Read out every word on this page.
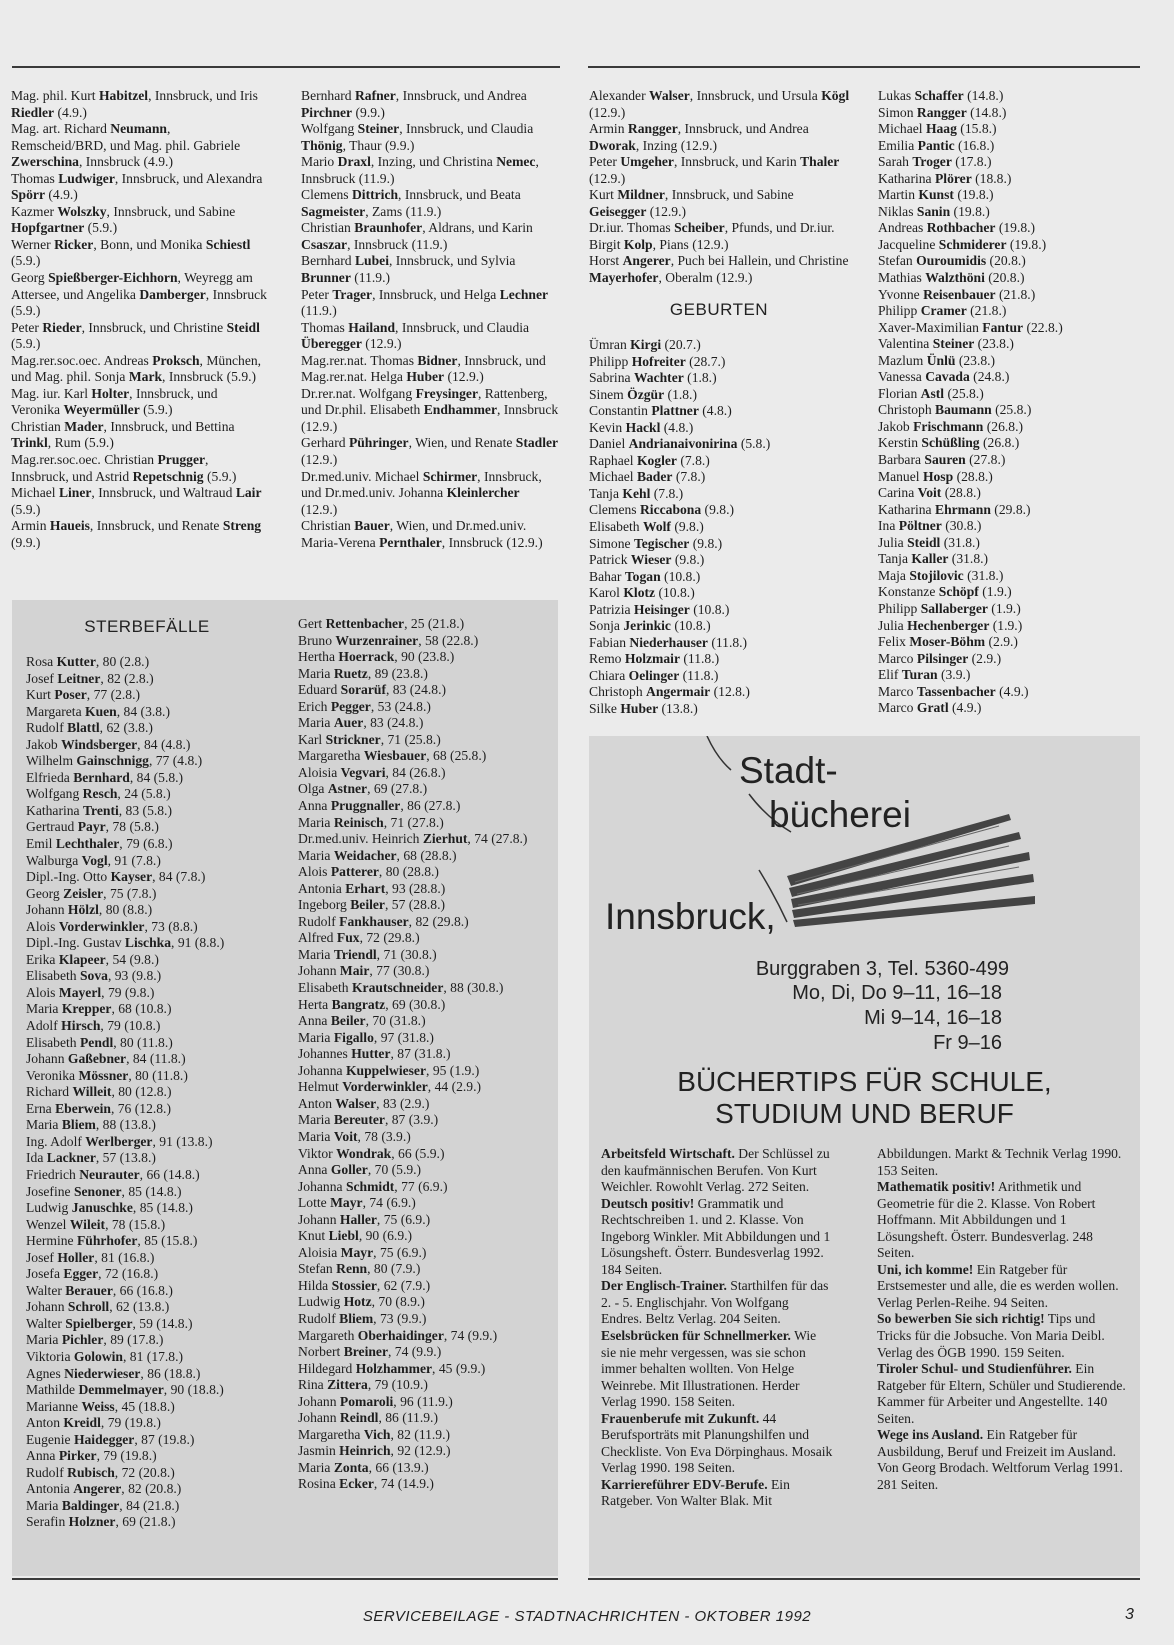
Mag. phil. Kurt Habitzel, Innsbruck, und Iris Riedler (4.9.)

Mag. art. Richard Neumann, Remscheid/BRD, und Mag. phil. Gabriele Zwerschina, Innsbruck (4.9.)

Thomas Ludwiger, Innsbruck, und Alexandra Spörr (4.9.)

Kazmer Wolszky, Innsbruck, und Sabine Hopfgartner (5.9.)

Werner Ricker, Bonn, und Monika Schiestl (5.9.)

Georg Spießberger-Eichhorn, Weyregg am Attersee, und Angelika Damberger, Innsbruck (5.9.)

Peter Rieder, Innsbruck, und Christine Steidl (5.9.)

Mag.rer.soc.oec. Andreas Proksch, München, und Mag. phil. Sonja Mark, Innsbruck (5.9.)

Mag. iur. Karl Holter, Innsbruck, und Veronika Weyermüller (5.9.)

Christian Mader, Innsbruck, und Bettina Trinkl, Rum (5.9.)

Mag.rer.soc.oec. Christian Prugger, Innsbruck, und Astrid Repetschnig (5.9.)

Michael Liner, Innsbruck, und Waltraud Lair (5.9.)

Armin Haueis, Innsbruck, und Renate Streng (9.9.)

Bernhard Rafner, Innsbruck, und Andrea Pirchner (9.9.)

Wolfgang Steiner, Innsbruck, und Claudia Thönig, Thaur (9.9.)

Mario Draxl, Inzing, und Christina Nemec, Innsbruck (11.9.)

Clemens Dittrich, Innsbruck, und Beata Sagmeister, Zams (11.9.)

Christian Braunhofer, Aldrans, und Karin Csaszar, Innsbruck (11.9.)

Bernhard Lubei, Innsbruck, und Sylvia Brunner (11.9.)

Peter Trager, Innsbruck, und Helga Lechner (11.9.)

Thomas Hailand, Innsbruck, und Claudia Überegger (12.9.)

Mag.rer.nat. Thomas Bidner, Innsbruck, und Mag.rer.nat. Helga Huber (12.9.)

Dr.rer.nat. Wolfgang Freysinger, Rattenberg, und Dr.phil. Elisabeth Endhammer, Innsbruck (12.9.)

Gerhard Pühringer, Wien, und Renate Stadler (12.9.)

Dr.med.univ. Michael Schirmer, Innsbruck, und Dr.med.univ. Johanna Kleinlercher (12.9.)

Christian Bauer, Wien, und Dr.med.univ. Maria-Verena Pernthaler, Innsbruck (12.9.)

Alexander Walser, Innsbruck, und Ursula Kögl (12.9.)

Armin Rangger, Innsbruck, und Andrea Dworak, Inzing (12.9.)

Peter Umgeher, Innsbruck, und Karin Thaler (12.9.)

Kurt Mildner, Innsbruck, und Sabine Geisegger (12.9.)

Dr.iur. Thomas Scheiber, Pfunds, und Dr.iur. Birgit Kolp, Pians (12.9.)

Horst Angerer, Puch bei Hallein, und Christine Mayerhofer, Oberalm (12.9.)

GEBURTEN

Ümran Kirgi (20.7.)

Philipp Hofreiter (28.7.)

Sabrina Wachter (1.8.)

Sinem Özgür (1.8.)

Constantin Plattner (4.8.)

Kevin Hackl (4.8.)

Daniel Andrianaivonirina (5.8.)

Raphael Kogler (7.8.)

Michael Bader (7.8.)

Tanja Kehl (7.8.)

Clemens Riccabona (9.8.)

Elisabeth Wolf (9.8.)

Simone Tegischer (9.8.)

Patrick Wieser (9.8.)

Bahar Togan (10.8.)

Karol Klotz (10.8.)

Patrizia Heisinger (10.8.)

Sonja Jerinkic (10.8.)

Fabian Niederhauser (11.8.)

Remo Holzmair (11.8.)

Chiara Oelinger (11.8.)

Christoph Angermair (12.8.)

Silke Huber (13.8.)

Lukas Schaffer (14.8.)

Simon Rangger (14.8.)

Michael Haag (15.8.)

Emilia Pantic (16.8.)

Sarah Troger (17.8.)

Katharina Plörer (18.8.)

Martin Kunst (19.8.)

Niklas Sanin (19.8.)

Andreas Rothbacher (19.8.)

Jacqueline Schmiderer (19.8.)

Stefan Ouroumidis (20.8.)

Mathias Walzthöni (20.8.)

Yvonne Reisenbauer (21.8.)

Philipp Cramer (21.8.)

Xaver-Maximilian Fantur (22.8.)

Valentina Steiner (23.8.)

Mazlum Ünlü (23.8.)

Vanessa Cavada (24.8.)

Florian Astl (25.8.)

Christoph Baumann (25.8.)

Jakob Frischmann (26.8.)

Kerstin Schüßling (26.8.)

Barbara Sauren (27.8.)

Manuel Hosp (28.8.)

Carina Voit (28.8.)

Katharina Ehrmann (29.8.)

Ina Pöltner (30.8.)

Julia Steidl (31.8.)

Tanja Kaller (31.8.)

Maja Stojilovic (31.8.)

Konstanze Schöpf (1.9.)

Philipp Sallaberger (1.9.)

Julia Hechenberger (1.9.)

Felix Moser-Böhm (2.9.)

Marco Pilsinger (2.9.)

Elif Turan (3.9.)

Marco Tassenbacher (4.9.)

Marco Gratl (4.9.)

STERBEFÄLLE

Rosa Kutter, 80 (2.8.)

Josef Leitner, 82 (2.8.)

Kurt Poser, 77 (2.8.)

Margareta Kuen, 84 (3.8.)

Rudolf Blattl, 62 (3.8.)

Jakob Windsberger, 84 (4.8.)

Wilhelm Gainschnigg, 77 (4.8.)

Elfrieda Bernhard, 84 (5.8.)

Wolfgang Resch, 24 (5.8.)

Katharina Trenti, 83 (5.8.)

Gertraud Payr, 78 (5.8.)

Emil Lechthaler, 79 (6.8.)

Walburga Vogl, 91 (7.8.)

Dipl.-Ing. Otto Kayser, 84 (7.8.)

Georg Zeisler, 75 (7.8.)

Johann Hölzl, 80 (8.8.)

Alois Vorderwinkler, 73 (8.8.)

Dipl.-Ing. Gustav Lischka, 91 (8.8.)

Erika Klapeer, 54 (9.8.)

Elisabeth Sova, 93 (9.8.)

Alois Mayerl, 79 (9.8.)

Maria Krepper, 68 (10.8.)

Adolf Hirsch, 79 (10.8.)

Elisabeth Pendl, 80 (11.8.)

Johann Gaßebner, 84 (11.8.)

Veronika Mössner, 80 (11.8.)

Richard Willeit, 80 (12.8.)

Erna Eberwein, 76 (12.8.)

Maria Bliem, 88 (13.8.)

Ing. Adolf Werlberger, 91 (13.8.)

Ida Lackner, 57 (13.8.)

Friedrich Neurauter, 66 (14.8.)

Josefine Senoner, 85 (14.8.)

Ludwig Januschke, 85 (14.8.)

Wenzel Wileit, 78 (15.8.)

Hermine Führhofer, 85 (15.8.)

Josef Holler, 81 (16.8.)

Josefa Egger, 72 (16.8.)

Walter Berauer, 66 (16.8.)

Johann Schroll, 62 (13.8.)

Walter Spielberger, 59 (14.8.)

Maria Pichler, 89 (17.8.)

Viktoria Golowin, 81 (17.8.)

Agnes Niederwieser, 86 (18.8.)

Mathilde Demmelmayer, 90 (18.8.)

Marianne Weiss, 45 (18.8.)

Anton Kreidl, 79 (19.8.)

Eugenie Haidegger, 87 (19.8.)

Anna Pirker, 79 (19.8.)

Rudolf Rubisch, 72 (20.8.)

Antonia Angerer, 82 (20.8.)

Maria Baldinger, 84 (21.8.)

Serafin Holzner, 69 (21.8.)

Gert Rettenbacher, 25 (21.8.)

Bruno Wurzenrainer, 58 (22.8.)

Hertha Hoerrack, 90 (23.8.)

Maria Ruetz, 89 (23.8.)

Eduard Sorarüf, 83 (24.8.)

Erich Pegger, 53 (24.8.)

Maria Auer, 83 (24.8.)

Karl Strickner, 71 (25.8.)

Margaretha Wiesbauer, 68 (25.8.)

Aloisia Vegvari, 84 (26.8.)

Olga Astner, 69 (27.8.)

Anna Pruggnaller, 86 (27.8.)

Maria Reinisch, 71 (27.8.)

Dr.med.univ. Heinrich Zierhut, 74 (27.8.)

Maria Weidacher, 68 (28.8.)

Alois Patterer, 80 (28.8.)

Antonia Erhart, 93 (28.8.)

Ingeborg Beiler, 57 (28.8.)

Rudolf Fankhauser, 82 (29.8.)

Alfred Fux, 72 (29.8.)

Maria Triendl, 71 (30.8.)

Johann Mair, 77 (30.8.)

Elisabeth Krautschneider, 88 (30.8.)

Herta Bangratz, 69 (30.8.)

Anna Beiler, 70 (31.8.)

Maria Figallo, 97 (31.8.)

Johannes Hutter, 87 (31.8.)

Johanna Kuppelwieser, 95 (1.9.)

Helmut Vorderwinkler, 44 (2.9.)

Anton Walser, 83 (2.9.)

Maria Bereuter, 87 (3.9.)

Maria Voit, 78 (3.9.)

Viktor Wondrak, 66 (5.9.)

Anna Goller, 70 (5.9.)

Johanna Schmidt, 77 (6.9.)

Lotte Mayr, 74 (6.9.)

Johann Haller, 75 (6.9.)

Knut Liebl, 90 (6.9.)

Aloisia Mayr, 75 (6.9.)

Stefan Renn, 80 (7.9.)

Hilda Stossier, 62 (7.9.)

Ludwig Hotz, 70 (8.9.)

Rudolf Bliem, 73 (9.9.)

Margareth Oberhaidinger, 74 (9.9.)

Norbert Breiner, 74 (9.9.)

Hildegard Holzhammer, 45 (9.9.)

Rina Zittera, 79 (10.9.)

Johann Pomaroli, 96 (11.9.)

Johann Reindl, 86 (11.9.)

Margaretha Vich, 82 (11.9.)

Jasmin Heinrich, 92 (12.9.)

Maria Zonta, 66 (13.9.)

Rosina Ecker, 74 (14.9.)

Stadt-
bücherei
Innsbruck,
Burggraben 3, Tel. 5360-499
Mo, Di, Do 9–11, 16–18
Mi 9–14, 16–18
Fr 9–16
BÜCHERTIPS FÜR SCHULE,
STUDIUM UND BERUF

Arbeitsfeld Wirtschaft. Der Schlüssel zu den kaufmännischen Berufen. Von Kurt Weichler. Rowohlt Verlag. 272 Seiten.

Deutsch positiv! Grammatik und Rechtschreiben 1. und 2. Klasse. Von Ingeborg Winkler. Mit Abbildungen und 1 Lösungsheft. Österr. Bundesverlag 1992. 184 Seiten.

Der Englisch-Trainer. Starthilfen für das 2. - 5. Englischjahr. Von Wolfgang Endres. Beltz Verlag. 204 Seiten.

Eselsbrücken für Schnellmerker. Wie sie nie mehr vergessen, was sie schon immer behalten wollten. Von Helge Weinrebe. Mit Illustrationen. Herder Verlag 1990. 158 Seiten.

Frauenberufe mit Zukunft. 44 Berufsporträts mit Planungshilfen und Checkliste. Von Eva Dörpinghaus. Mosaik Verlag 1990. 198 Seiten.

Karriereführer EDV-Berufe. Ein Ratgeber. Von Walter Blak. Mit

Abbildungen. Markt & Technik Verlag 1990. 153 Seiten.

Mathematik positiv! Arithmetik und Geometrie für die 2. Klasse. Von Robert Hoffmann. Mit Abbildungen und 1 Lösungsheft. Österr. Bundesverlag. 248 Seiten.

Uni, ich komme! Ein Ratgeber für Erstsemester und alle, die es werden wollen. Verlag Perlen-Reihe. 94 Seiten.

So bewerben Sie sich richtig! Tips und Tricks für die Jobsuche. Von Maria Deibl. Verlag des ÖGB 1990. 159 Seiten.

Tiroler Schul- und Studienführer. Ein Ratgeber für Eltern, Schüler und Studierende. Kammer für Arbeiter und Angestellte. 140 Seiten.

Wege ins Ausland. Ein Ratgeber für Ausbildung, Beruf und Freizeit im Ausland. Von Georg Brodach. Weltforum Verlag 1991. 281 Seiten.

SERVICEBEILAGE - STADTNACHRICHTEN - OKTOBER 1992	3
